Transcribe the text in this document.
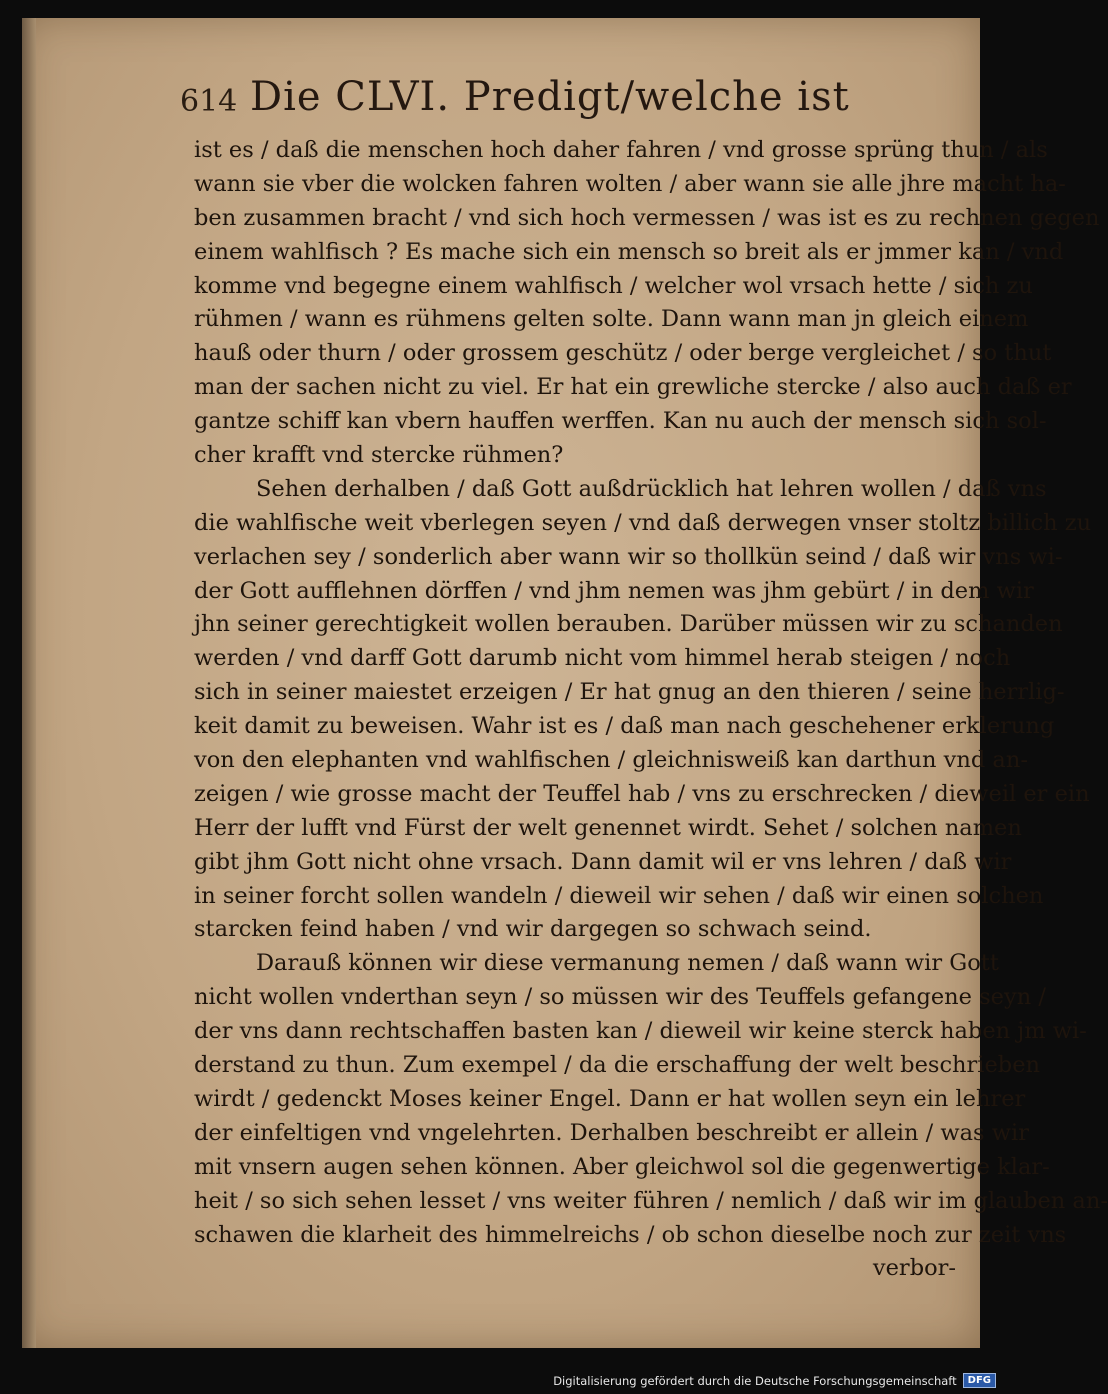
614 Die CLVI. Predigt/welche ist
ist es / daß die menschen hoch daher fahren / vnd grosse sprüng thun / als
wann sie vber die wolcken fahren wolten / aber wann sie alle jhre macht ha-
ben zusammen bracht / vnd sich hoch vermessen / was ist es zu rechnen gegen
einem wahlfisch ? Es mache sich ein mensch so breit als er jmmer kan / vnd
komme vnd begegne einem wahlfisch / welcher wol vrsach hette / sich zu
rühmen / wann es rühmens gelten solte. Dann wann man jn gleich einem
hauß oder thurn / oder grossem geschütz / oder berge vergleichet / so thut
man der sachen nicht zu viel. Er hat ein grewliche stercke / also auch daß er
gantze schiff kan vbern hauffen werffen. Kan nu auch der mensch sich sol-
cher krafft vnd stercke rühmen?
Sehen derhalben / daß Gott außdrücklich hat lehren wollen / daß vns
die wahlfische weit vberlegen seyen / vnd daß derwegen vnser stoltz billich zu
verlachen sey / sonderlich aber wann wir so thollkün seind / daß wir vns wi-
der Gott aufflehnen dörffen / vnd jhm nemen was jhm gebürt / in dem wir
jhn seiner gerechtigkeit wollen berauben. Darüber müssen wir zu schanden
werden / vnd darff Gott darumb nicht vom himmel herab steigen / noch
sich in seiner maiestet erzeigen / Er hat gnug an den thieren / seine herrlig-
keit damit zu beweisen. Wahr ist es / daß man nach geschehener erklerung
von den elephanten vnd wahlfischen / gleichnisweiß kan darthun vnd an-
zeigen / wie grosse macht der Teuffel hab / vns zu erschrecken / dieweil er ein
Herr der lufft vnd Fürst der welt genennet wirdt. Sehet / solchen namen
gibt jhm Gott nicht ohne vrsach. Dann damit wil er vns lehren / daß wir
in seiner forcht sollen wandeln / dieweil wir sehen / daß wir einen solchen
starcken feind haben / vnd wir dargegen so schwach seind.
Darauß können wir diese vermanung nemen / daß wann wir Gott
nicht wollen vnderthan seyn / so müssen wir des Teuffels gefangene seyn /
der vns dann rechtschaffen basten kan / dieweil wir keine sterck haben jm wi-
derstand zu thun. Zum exempel / da die erschaffung der welt beschrieben
wirdt / gedenckt Moses keiner Engel. Dann er hat wollen seyn ein lehrer
der einfeltigen vnd vngelehrten. Derhalben beschreibt er allein / was wir
mit vnsern augen sehen können. Aber gleichwol sol die gegenwertige klar-
heit / so sich sehen lesset / vns weiter führen / nemlich / daß wir im glauben an-
schawen die klarheit des himmelreichs / ob schon dieselbe noch zur zeit vns
verbor-
Digitalisierung gefördert durch die Deutsche Forschungsgemeinschaft	DFG
